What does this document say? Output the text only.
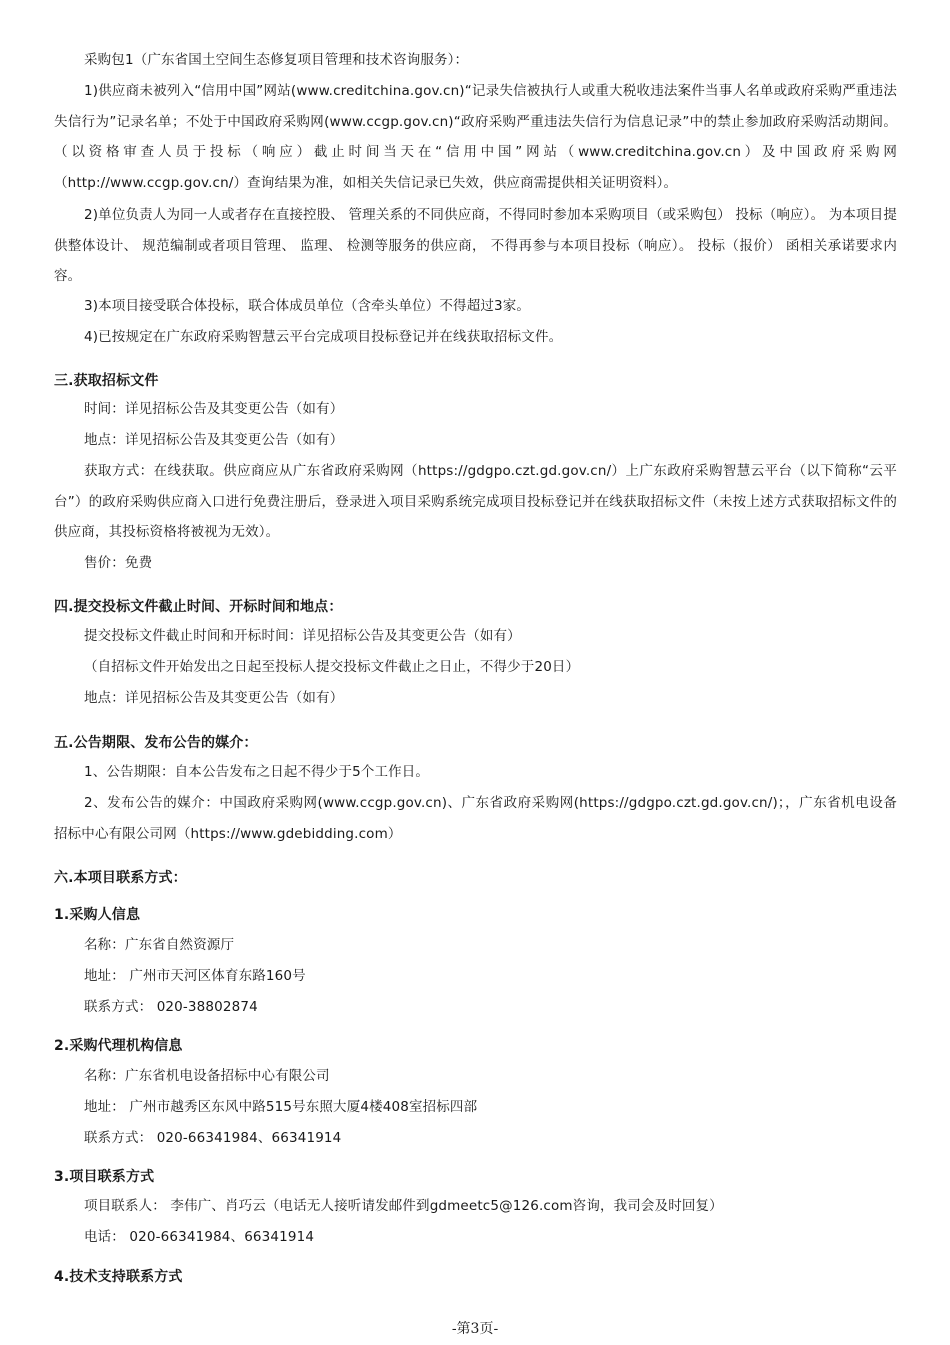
采购包1（广东省国土空间生态修复项目管理和技术咨询服务）：

1)供应商未被列入“信用中国”网站(www.creditchina.gov.cn)“记录失信被执行人或重大税收违法案件当事人名单或政府采购严重违法失信行为”记录名单；不处于中国政府采购网(www.ccgp.gov.cn)“政府采购严重违法失信行为信息记录”中的禁止参加政府采购活动期间。（以资格审查人员于投标（响应）截止时间当天在“信用中国”网站（www.creditchina.gov.cn）及中国政府采购网（http://www.ccgp.gov.cn/）查询结果为准，如相关失信记录已失效，供应商需提供相关证明资料）。

2)单位负责人为同一人或者存在直接控股、 管理关系的不同供应商，不得同时参加本采购项目（或采购包） 投标（响应）。 为本项目提供整体设计、 规范编制或者项目管理、 监理、 检测等服务的供应商， 不得再参与本项目投标（响应）。 投标（报价） 函相关承诺要求内容。

3)本项目接受联合体投标，联合体成员单位（含牵头单位）不得超过3家。

4)已按规定在广东政府采购智慧云平台完成项目投标登记并在线获取招标文件。

三.获取招标文件

时间：详见招标公告及其变更公告（如有）

地点：详见招标公告及其变更公告（如有）

获取方式：在线获取。供应商应从广东省政府采购网（https://gdgpo.czt.gd.gov.cn/）上广东政府采购智慧云平台（以下简称“云平台”）的政府采购供应商入口进行免费注册后，登录进入项目采购系统完成项目投标登记并在线获取招标文件（未按上述方式获取招标文件的供应商，其投标资格将被视为无效）。

售价：免费

四.提交投标文件截止时间、开标时间和地点：

提交投标文件截止时间和开标时间：详见招标公告及其变更公告（如有）

（自招标文件开始发出之日起至投标人提交投标文件截止之日止，不得少于20日）

地点：详见招标公告及其变更公告（如有）

五.公告期限、发布公告的媒介：

1、公告期限：自本公告发布之日起不得少于5个工作日。

2、发布公告的媒介：中国政府采购网(www.ccgp.gov.cn)、广东省政府采购网(https://gdgpo.czt.gd.gov.cn/)；，广东省机电设备招标中心有限公司网（https://www.gdebidding.com）

六.本项目联系方式：

1.采购人信息

名称：广东省自然资源厅

地址： 广州市天河区体育东路160号

联系方式： 020-38802874

2.采购代理机构信息

名称：广东省机电设备招标中心有限公司

地址： 广州市越秀区东风中路515号东照大厦4楼408室招标四部

联系方式： 020-66341984、66341914

3.项目联系方式

项目联系人： 李伟广、肖巧云（电话无人接听请发邮件到gdmeetc5@126.com咨询，我司会及时回复）

电话： 020-66341984、66341914

4.技术支持联系方式

-第3页-
